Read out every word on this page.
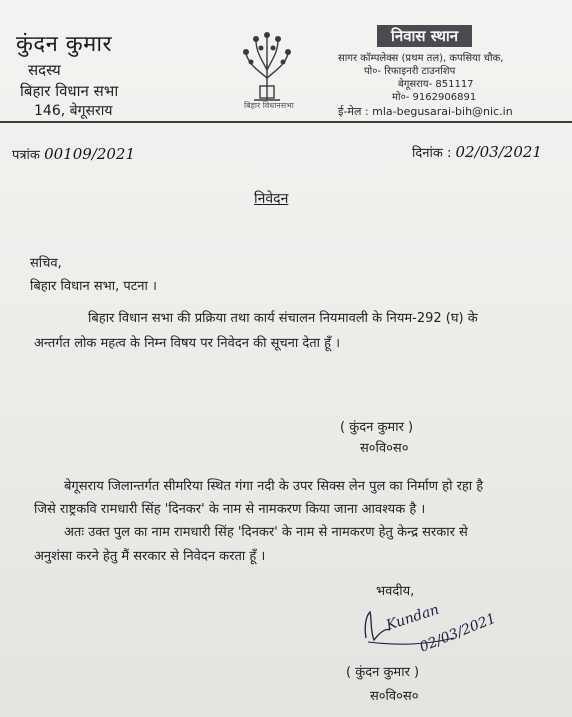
कुंदन कुमार
सदस्य
बिहार विधान सभा
146, बेगूसराय	बिहार विधानसभा
निवास स्थान
सागर कॉम्पलेक्स (प्रथम तल), कपसिया चौक,
पो०- रिफाइनरी टाउनशिप
बेगूसराय- 851117
मो०- 9162906891
ई-मेल : mla-begusarai-bih@nic.in
पत्रांक 00109/2021	दिनांक : 02/03/2021
निवेदन
सचिव,
बिहार विधान सभा, पटना ।
बिहार विधान सभा की प्रक्रिया तथा कार्य संचालन नियमावली के नियम-292 (घ) के
अन्तर्गत लोक महत्व के निम्न विषय पर निवेदन की सूचना देता हूँ ।
( कुंदन कुमार )
स०वि०स०
बेगूसराय जिलान्तर्गत सीमरिया स्थित गंगा नदी के उपर सिक्स लेन पुल का निर्माण हो रहा है
जिसे राष्ट्रकवि रामधारी सिंह 'दिनकर' के नाम से नामकरण किया जाना आवश्यक है ।
अतः उक्त पुल का नाम रामधारी सिंह 'दिनकर' के नाम से नामकरण हेतु केन्द्र सरकार से
अनुशंसा करने हेतु मैं सरकार से निवेदन करता हूँ ।
भवदीय,
Kundan
02/03/2021
( कुंदन कुमार )
स०वि०स०
